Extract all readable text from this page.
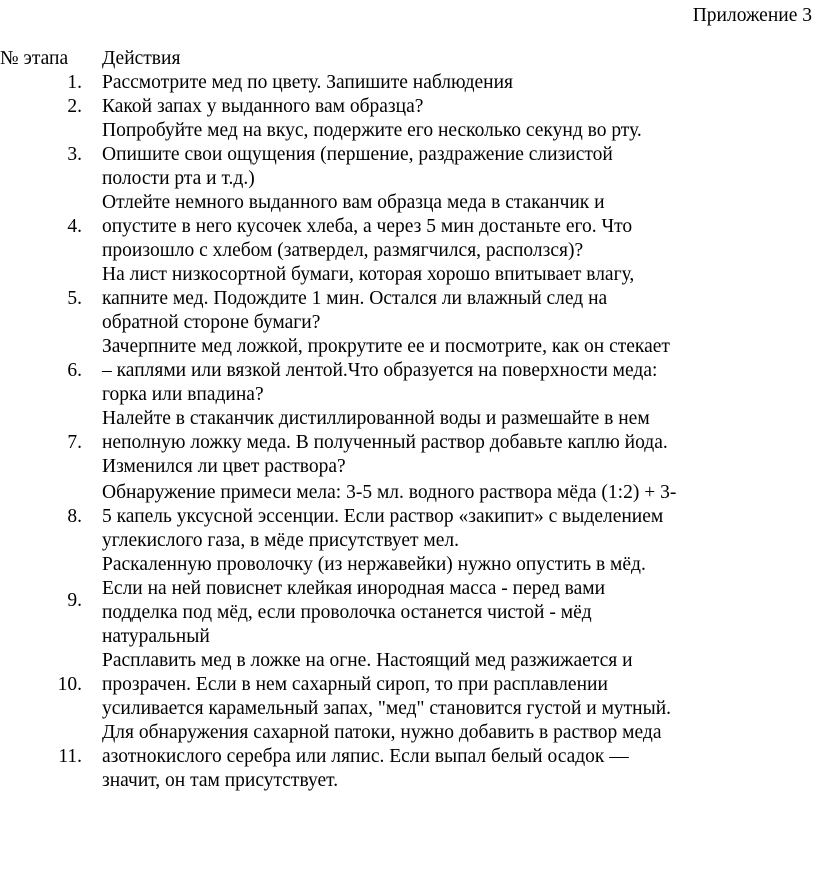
Приложение 3
№ этапа Действия
1. Рассмотрите мед по цвету. Запишите наблюдения
2. Какой запах у выданного вам образца?
3.
Попробуйте мед на вкус, подержите его несколько секунд во рту.
Опишите свои ощущения (першение, раздражение слизистой
полости рта и т.д.)
4.
Отлейте немного выданного вам образца меда в стаканчик и
опустите в него кусочек хлеба, а через 5 мин достаньте его. Что
произошло с хлебом (затвердел, размягчился, расползся)?
5.
На лист низкосортной бумаги, которая хорошо впитывает влагу,
капните мед. Подождите 1 мин. Остался ли влажный след на
обратной стороне бумаги?
6.
Зачерпните мед ложкой, прокрутите ее и посмотрите, как он стекает
– каплями или вязкой лентой.Что образуется на поверхности меда:
горка или впадина?
7.
Налейте в стаканчик дистиллированной воды и размешайте в нем
неполную ложку меда. В полученный раствор добавьте каплю йода.
Изменился ли цвет раствора?
8.
Обнаружение примеси мела: 3-5 мл. водного раствора мёда (1:2) + 3-
5 капель уксусной эссенции. Если раствор «закипит» с выделением
углекислого газа, в мёде присутствует мел.
9.
Раскаленную проволочку (из нержавейки) нужно опустить в мёд.
Если на ней повиснет клейкая инородная масса - перед вами
подделка под мёд, если проволочка останется чистой - мёд
натуральный
10.
Расплавить мед в ложке на огне. Настоящий мед разжижается и
прозрачен. Если в нем сахарный сироп, то при расплавлении
усиливается карамельный запах, "мед" становится густой и мутный.
11.
Для обнаружения сахарной патоки, нужно добавить в раствор меда
азотнокислого серебра или ляпис. Если выпал белый осадок —
значит, он там присутствует.
